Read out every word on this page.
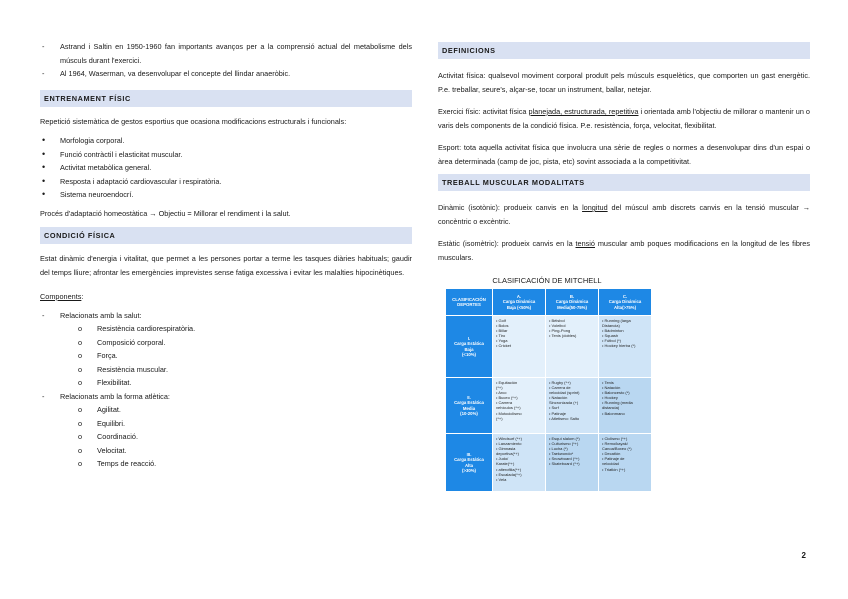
- Astrand i Saltin en 1950-1960 fan importants avanços per a la comprensió actual del metabolisme dels músculs durant l'exercici.
- Al 1964, Waserman, va desenvolupar el concepte del llindar anaeròbic.
ENTRENAMENT FÍSIC

Repetició sistemàtica de gestos esportius que ocasiona modificacions estructurals i funcionals:

• Morfologia corporal.
• Funció contràctil i elasticitat muscular.
• Activitat metabòlica general.
• Resposta i adaptació cardiovascular i respiratòria.
• Sistema neuroendocrí.

Procés d'adaptació homeostàtica → Objectiu = Millorar el rendiment i la salut.

CONDICIÓ FÍSICA

Estat dinàmic d'energia i vitalitat, que permet a les persones portar a terme les tasques diàries habituals; gaudir del temps lliure; afrontar les emergències imprevistes sense fatiga excessiva i evitar les malalties hipocinètiques.

Components:

- Relacionats amb la salut:
o Resistència cardiorespiratòria.
o Composició corporal.
o Força.
o Resistència muscular.
o Flexibilitat.
- Relacionats amb la forma atlètica:
o Agilitat.
o Equilibri.
o Coordinació.
o Velocitat.
o Temps de reacció.
DEFINICIONS

Activitat física: qualsevol moviment corporal produït pels músculs esquelètics, que comporten un gast energètic. P.e. treballar, seure's, alçar-se, tocar un instrument, ballar, netejar.

Exercici físic: activitat física planejada, estructurada, repetitiva i orientada amb l'objectiu de millorar o mantenir un o varis dels components de la condició física. P.e. resistència, força, velocitat, flexibilitat.

Esport: tota aquella activitat física que involucra una sèrie de regles o normes a desenvolupar dins d'un espai o àrea determinada (camp de joc, pista, etc) sovint associada a la competitivitat.

TREBALL MUSCULAR MODALITATS

Dinàmic (isotònic): produeix canvis en la longitud del múscul amb discrets canvis en la tensió muscular → concèntric o excèntric.

Estàtic (isomètric): produeix canvis en la tensió muscular amb poques modificacions en la longitud de les fibres musculars.

CLASIFICACIÓN DE MITCHELL
CLASIFICACIÓN
DEPORTES
A.
Carga Dinámica
Baja (<50%)
B.
Carga Dinámica
Media(50-75%)
C.
Carga Dinámica
Alta(>75%)
I.
Carga Estática
Baja
(<10%)
• Golf
• Bolos
• Billar
• Tiro
• Yoga
• Cricket
• Béisbol
• Voleibol
• Ping-Pong
• Tenis (dobles)
• Running (larga
Distancia)
• Bádminton
• Squash
• Fútbol (*)
• Hockey hierba (*)
II.
Carga Estática
Media
(10-20%)
• Equitación
(*+)
• Arco
• Buceo (*+)
• Carrera
vehículos (*+)
• Motociclismo
(*+)
• Rugby (*+)
• Carrera de
velocidad (sprint)
• Natación
Sincronizada (+)
• Surf
• Patinaje
• Atletismo: Salto
• Tenis
• Natación
• Baloncesto (*)
• Hockey
• Running (media
distancia)
• Balonmano
III.
Carga Estática
Alta
(>30%)
• Windsurf (*+)
• Lanzamiento
• Gimnasia
deportiva(*+)
• Judo/
Karate(*+)
• alterofilia(*+)
• Escalada(*+)
• Vela
• Esquí slalom (*)
• Culturismo (*+)
• Lucha (*)
• Taekwondo*
• Snowboard (*+)
• Skateboard (*+)
• Ciclismo (*+)
• Remo/kayak/
Canoa/Boxeo (*)
• Decatlón
• Patinaje de
velocidad
• Triatlón (*+)
2
